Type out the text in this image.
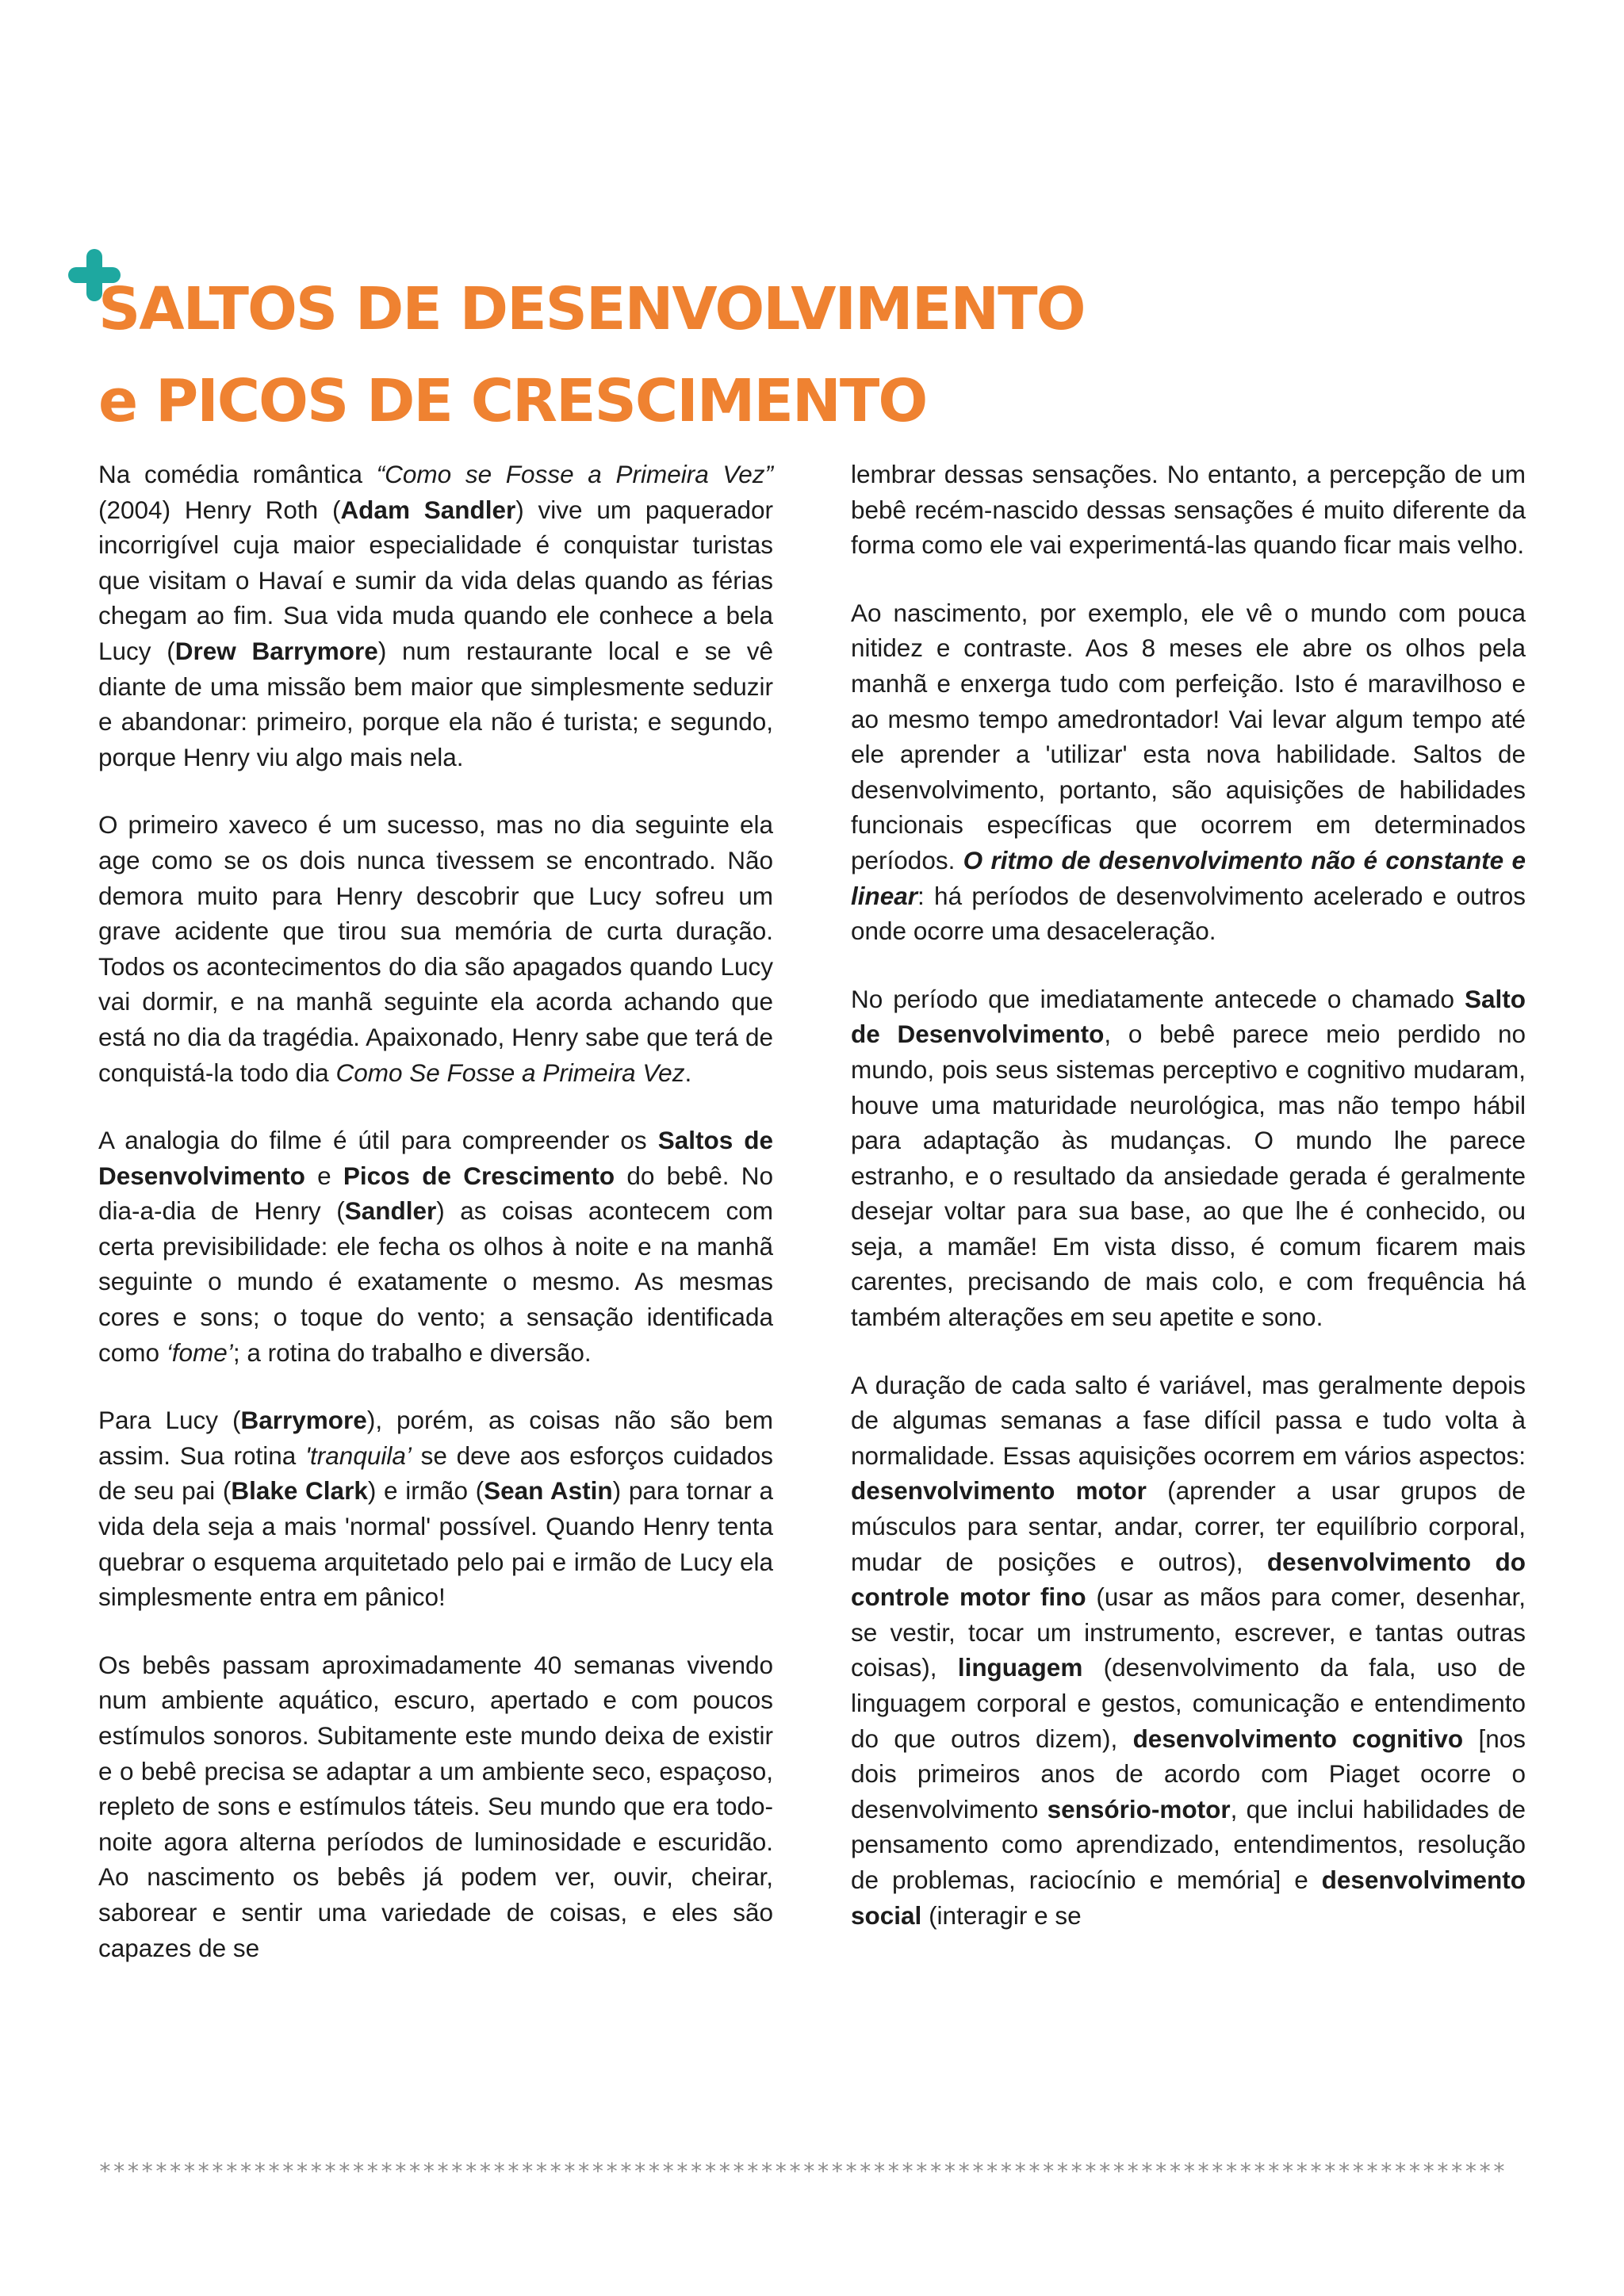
SALTOS DE DESENVOLVIMENTO
e PICOS DE CRESCIMENTO

Na comédia romântica “Como se Fosse a Primeira Vez” (2004) Henry Roth (Adam Sandler) vive um paquerador incorrigível cuja maior especialidade é conquistar turistas que visitam o Havaí e sumir da vida delas quando as férias chegam ao fim. Sua vida muda quando ele conhece a bela Lucy (Drew Barrymore) num restaurante local e se vê diante de uma missão bem maior que simplesmente seduzir e abandonar: primeiro, porque ela não é turista; e segundo, porque Henry viu algo mais nela.

O primeiro xaveco é um sucesso, mas no dia seguinte ela age como se os dois nunca tivessem se encontrado. Não demora muito para Henry descobrir que Lucy sofreu um grave acidente que tirou sua memória de curta duração. Todos os acontecimentos do dia são apagados quando Lucy vai dormir, e na manhã seguinte ela acorda achando que está no dia da tragédia. Apaixonado, Henry sabe que terá de conquistá-la todo dia Como Se Fosse a Primeira Vez.

A analogia do filme é útil para compreender os Saltos de Desenvolvimento e Picos de Crescimento do bebê. No dia-a-dia de Henry (Sandler) as coisas acontecem com certa previsibilidade: ele fecha os olhos à noite e na manhã seguinte o mundo é exatamente o mesmo. As mesmas cores e sons; o toque do vento; a sensação identificada como ‘fome’; a rotina do trabalho e diversão.

Para Lucy (Barrymore), porém, as coisas não são bem assim. Sua rotina 'tranquila’ se deve aos esforços cuidados de seu pai (Blake Clark) e irmão (Sean Astin) para tornar a vida dela seja a mais 'normal' possível. Quando Henry tenta quebrar o esquema arquitetado pelo pai e irmão de Lucy ela simplesmente entra em pânico!

Os bebês passam aproximadamente 40 semanas vivendo num ambiente aquático, escuro, apertado e com poucos estímulos sonoros. Subitamente este mundo deixa de existir e o bebê precisa se adaptar a um ambiente seco, espaçoso, repleto de sons e estímulos táteis. Seu mundo que era todo-noite agora alterna períodos de luminosidade e escuridão. Ao nascimento os bebês já podem ver, ouvir, cheirar, saborear e sentir uma variedade de coisas, e eles são capazes de se

lembrar dessas sensações. No entanto, a percepção de um bebê recém-nascido dessas sensações é muito diferente da forma como ele vai experimentá-las quando ficar mais velho.

Ao nascimento, por exemplo, ele vê o mundo com pouca nitidez e contraste. Aos 8 meses ele abre os olhos pela manhã e enxerga tudo com perfeição. Isto é maravilhoso e ao mesmo tempo amedrontador! Vai levar algum tempo até ele aprender a 'utilizar' esta nova habilidade. Saltos de desenvolvimento, portanto, são aquisições de habilidades funcionais específicas que ocorrem em determinados períodos. O ritmo de desenvolvimento não é constante e linear: há períodos de desenvolvimento acelerado e outros onde ocorre uma desaceleração.

No período que imediatamente antecede o chamado Salto de Desenvolvimento, o bebê parece meio perdido no mundo, pois seus sistemas perceptivo e cognitivo mudaram, houve uma maturidade neurológica, mas não tempo hábil para adaptação às mudanças. O mundo lhe parece estranho, e o resultado da ansiedade gerada é geralmente desejar voltar para sua base, ao que lhe é conhecido, ou seja, a mamãe! Em vista disso, é comum ficarem mais carentes, precisando de mais colo, e com frequência há também alterações em seu apetite e sono.

A duração de cada salto é variável, mas geralmente depois de algumas semanas a fase difícil passa e tudo volta à normalidade. Essas aquisições ocorrem em vários aspectos: desenvolvimento motor (aprender a usar grupos de músculos para sentar, andar, correr, ter equilíbrio corporal, mudar de posições e outros), desenvolvimento do controle motor fino (usar as mãos para comer, desenhar, se vestir, tocar um instrumento, escrever, e tantas outras coisas), linguagem (desenvolvimento da fala, uso de linguagem corporal e gestos, comunicação e entendimento do que outros dizem), desenvolvimento cognitivo [nos dois primeiros anos de acordo com Piaget ocorre o desenvolvimento sensório-motor, que inclui habilidades de pensamento como aprendizado, entendimentos, resolução de problemas, raciocínio e memória] e desenvolvimento social (interagir e se

****************************************************************************************************
